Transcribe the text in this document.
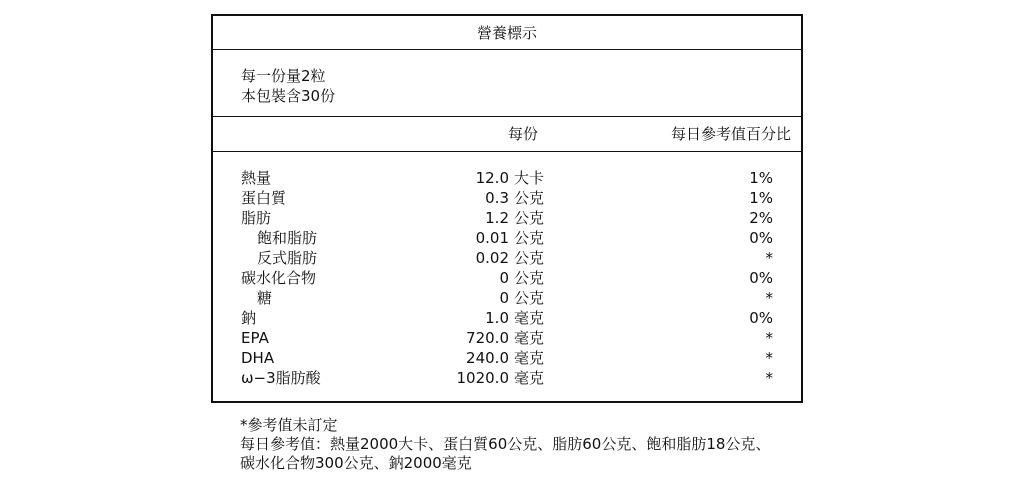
營養標示
每一份量2粒
本包裝含30份
每份	每日參考值百分比
熱量	12.0 大卡	1%
蛋白質	0.3 公克	1%
脂肪	1.2 公克	2%
飽和脂肪	0.01 公克	0%
反式脂肪	0.02 公克	*
碳水化合物	0 公克	0%
糖	0 公克	*
鈉	1.0 毫克	0%
EPA	720.0 毫克	*
DHA	240.0 毫克	*
ω−3脂肪酸	1020.0 毫克	*
*參考值未訂定
每日參考值：熱量2000大卡、蛋白質60公克、脂肪60公克、飽和脂肪18公克、
碳水化合物300公克、鈉2000毫克
